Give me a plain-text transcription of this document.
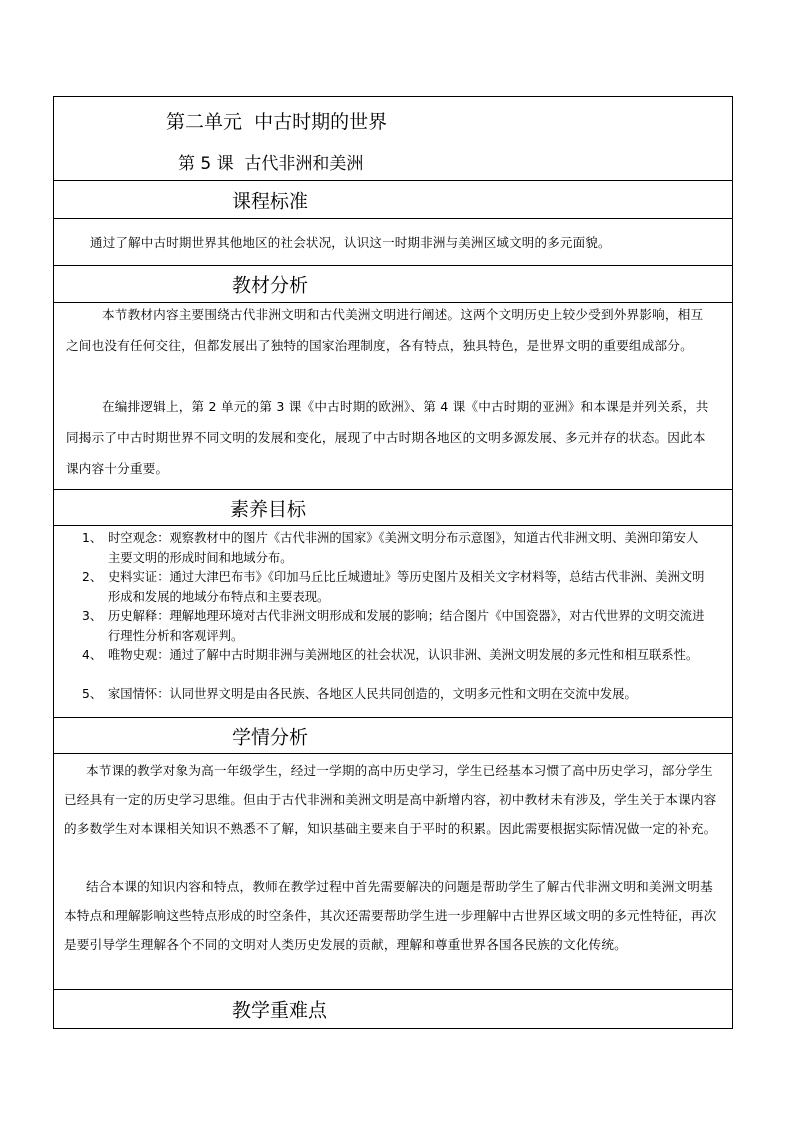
第二单元  中古时期的世界
第 5 课  古代非洲和美洲
课程标准
通过了解中古时期世界其他地区的社会状况，认识这一时期非洲与美洲区域文明的多元面貌。
教材分析
本节教材内容主要围绕古代非洲文明和古代美洲文明进行阐述。这两个文明历史上较少受到外界影响，相互之间也没有任何交往，但都发展出了独特的国家治理制度，各有特点，独具特色，是世界文明的重要组成部分。
在编排逻辑上，第 2 单元的第 3 课《中古时期的欧洲》、第 4 课《中古时期的亚洲》和本课是并列关系，共同揭示了中古时期世界不同文明的发展和变化，展现了中古时期各地区的文明多源发展、多元并存的状态。因此本课内容十分重要。
素养目标
1、 时空观念：观察教材中的图片《古代非洲的国家》《美洲文明分布示意图》，知道古代非洲文明、美洲印第安人主要文明的形成时间和地域分布。
2、 史料实证：通过大津巴布韦》《印加马丘比丘城遗址》等历史图片及相关文字材料等，总结古代非洲、美洲文明形成和发展的地域分布特点和主要表现。
3、 历史解释：理解地理环境对古代非洲文明形成和发展的影响；结合图片《中国瓷器》，对古代世界的文明交流进行理性分析和客观评判。
4、 唯物史观：通过了解中古时期非洲与美洲地区的社会状况，认识非洲、美洲文明发展的多元性和相互联系性。
5、 家国情怀：认同世界文明是由各民族、各地区人民共同创造的，文明多元性和文明在交流中发展。
学情分析
本节课的教学对象为高一年级学生，经过一学期的高中历史学习，学生已经基本习惯了高中历史学习，部分学生已经具有一定的历史学习思维。但由于古代非洲和美洲文明是高中新增内容，初中教材未有涉及，学生关于本课内容的多数学生对本课相关知识不熟悉不了解，知识基础主要来自于平时的积累。因此需要根据实际情况做一定的补充。
结合本课的知识内容和特点，教师在教学过程中首先需要解决的问题是帮助学生了解古代非洲文明和美洲文明基本特点和理解影响这些特点形成的时空条件，其次还需要帮助学生进一步理解中古世界区域文明的多元性特征，再次是要引导学生理解各个不同的文明对人类历史发展的贡献，理解和尊重世界各国各民族的文化传统。
教学重难点
